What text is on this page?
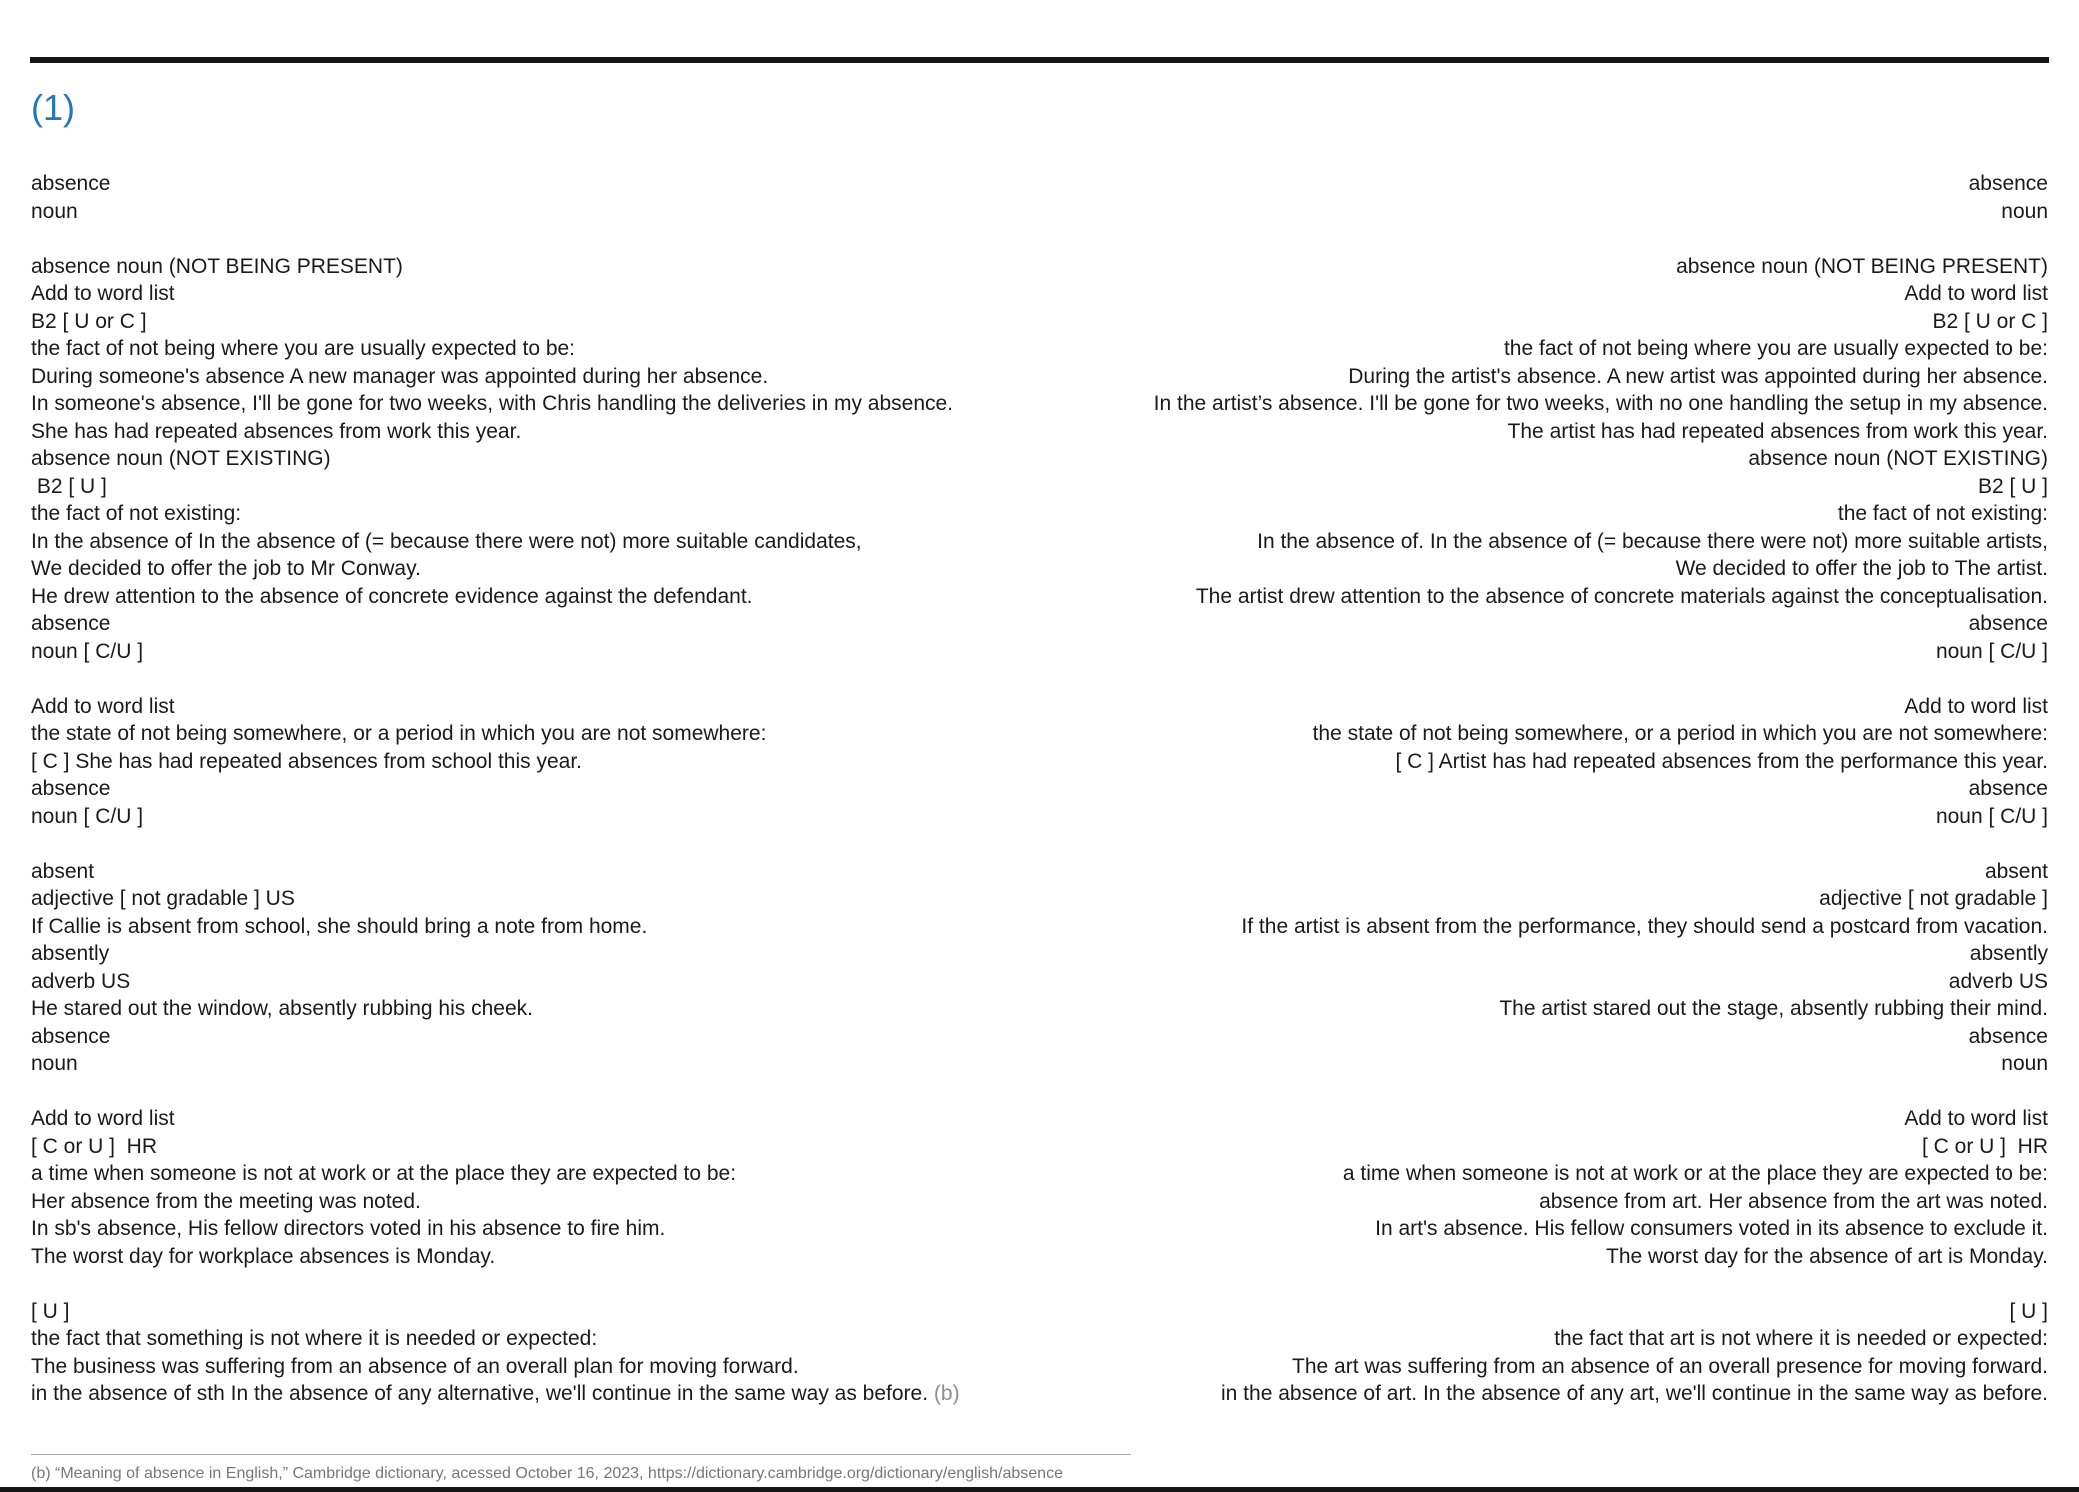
(1)
absence
noun

absence noun (NOT BEING PRESENT)
Add to word list
B2 [ U or C ]
the fact of not being where you are usually expected to be:
During someone's absence A new manager was appointed during her absence.
In someone's absence, I'll be gone for two weeks, with Chris handling the deliveries in my absence.
She has had repeated absences from work this year.
absence noun (NOT EXISTING)
B2 [ U ]
the fact of not existing:
In the absence of In the absence of (= because there were not) more suitable candidates,
We decided to offer the job to Mr Conway.
He drew attention to the absence of concrete evidence against the defendant.
absence
noun [ C/U ]

Add to word list
the state of not being somewhere, or a period in which you are not somewhere:
[ C ] She has had repeated absences from school this year.
absence
noun [ C/U ]

absent
adjective [ not gradable ] US
If Callie is absent from school, she should bring a note from home.
absently
adverb US
He stared out the window, absently rubbing his cheek.
absence
noun

Add to word list
[ C or U ]  HR
a time when someone is not at work or at the place they are expected to be:
Her absence from the meeting was noted.
In sb's absence, His fellow directors voted in his absence to fire him.
The worst day for workplace absences is Monday.

[ U ]
the fact that something is not where it is needed or expected:
The business was suffering from an absence of an overall plan for moving forward.
in the absence of sth In the absence of any alternative, we'll continue in the same way as before. (b)
absence
noun

absence noun (NOT BEING PRESENT)
Add to word list
B2 [ U or C ]
the fact of not being where you are usually expected to be:
During the artist's absence. A new artist was appointed during her absence.
In the artist’s absence. I'll be gone for two weeks, with no one handling the setup in my absence.
The artist has had repeated absences from work this year.
absence noun (NOT EXISTING)
B2 [ U ]
the fact of not existing:
In the absence of. In the absence of (= because there were not) more suitable artists,
We decided to offer the job to The artist.
The artist drew attention to the absence of concrete materials against the conceptualisation.
absence
noun [ C/U ]

Add to word list
the state of not being somewhere, or a period in which you are not somewhere:
[ C ] Artist has had repeated absences from the performance this year.
absence
noun [ C/U ]

absent
adjective [ not gradable ]
If the artist is absent from the performance, they should send a postcard from vacation.
absently
adverb US
The artist stared out the stage, absently rubbing their mind.
absence
noun

Add to word list
[ C or U ]  HR
a time when someone is not at work or at the place they are expected to be:
absence from art. Her absence from the art was noted.
In art's absence. His fellow consumers voted in its absence to exclude it.
The worst day for the absence of art is Monday.

[ U ]
the fact that art is not where it is needed or expected:
The art was suffering from an absence of an overall presence for moving forward.
in the absence of art. In the absence of any art, we'll continue in the same way as before.
(b) “Meaning of absence in English,” Cambridge dictionary, acessed October 16, 2023, https://dictionary.cambridge.org/dictionary/english/absence
